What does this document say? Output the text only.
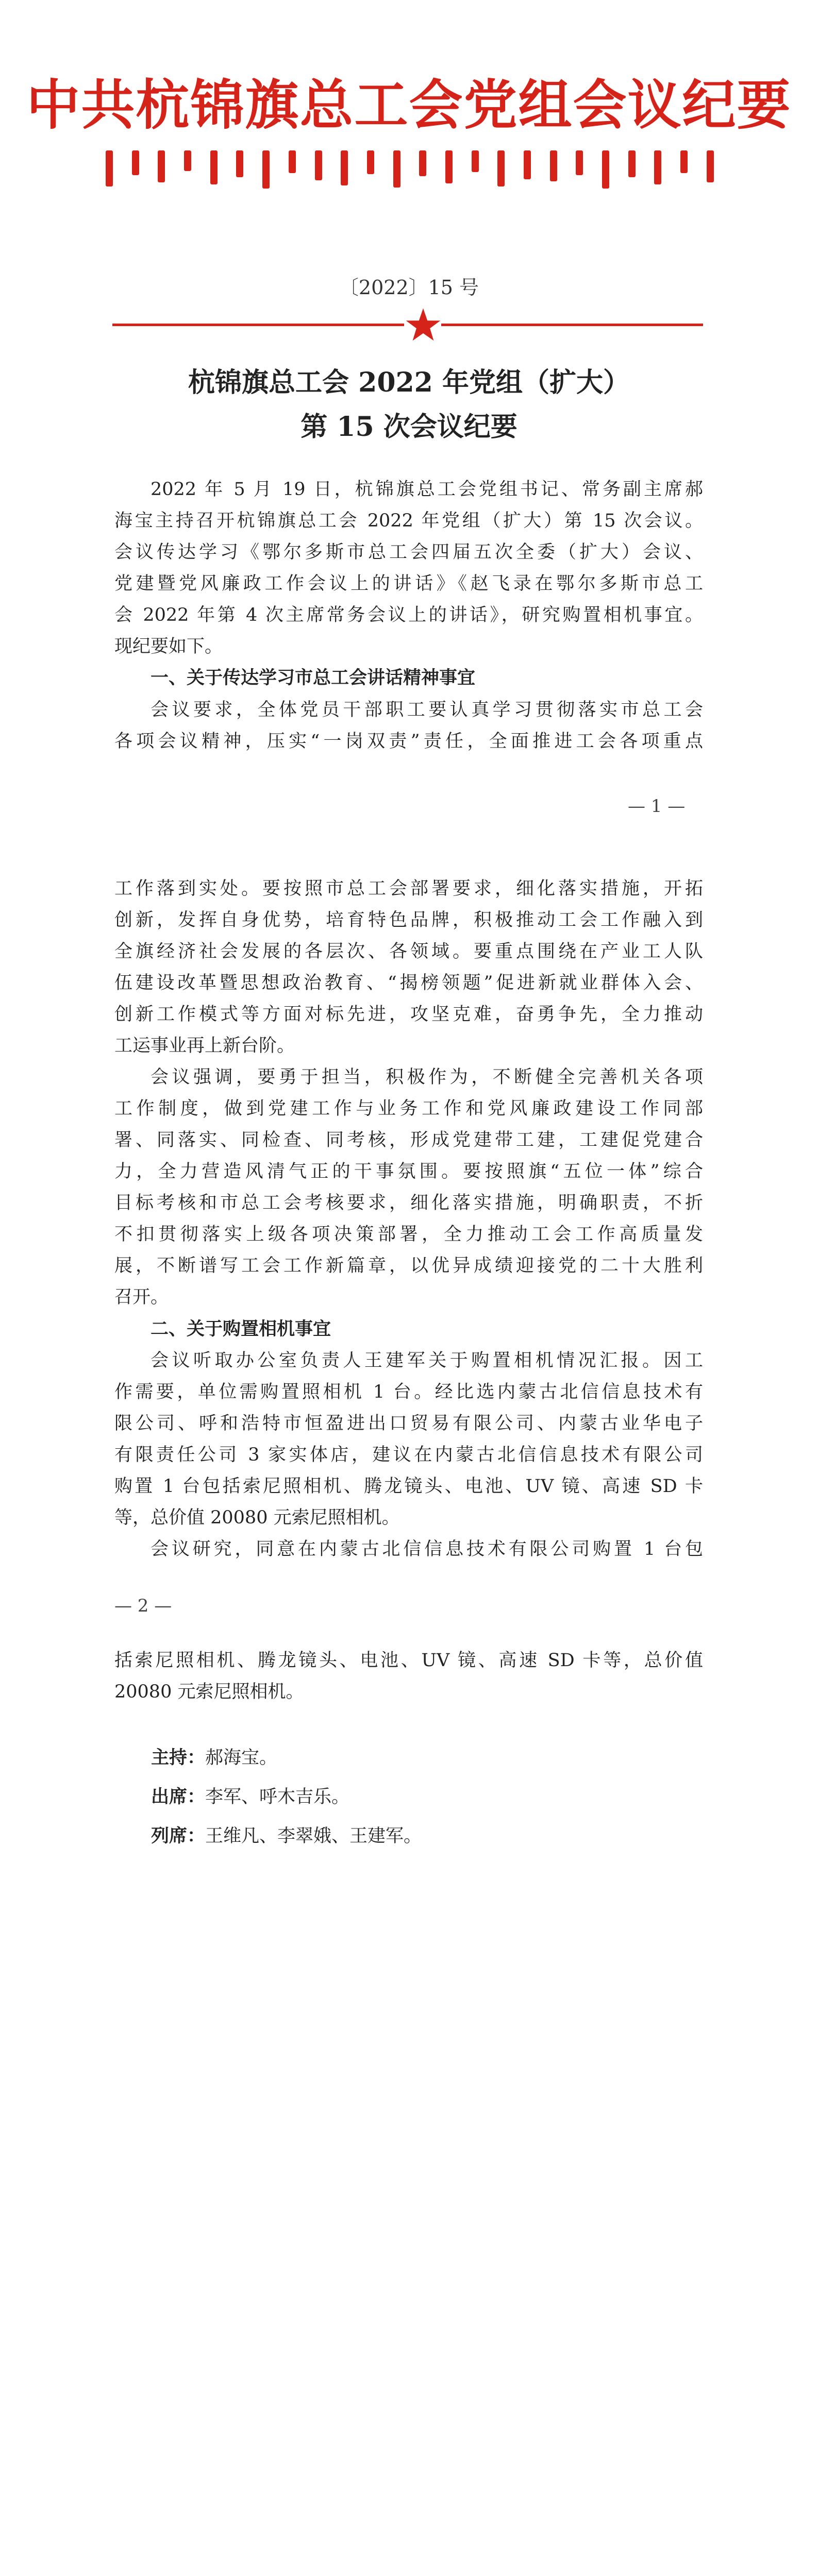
中共杭锦旗总工会党组会议纪要
〔2022〕15 号
杭锦旗总工会 2022 年党组（扩大）
第 15 次会议纪要
2022 年 5 月 19 日，杭锦旗总工会党组书记、常务副主席郝
海宝主持召开杭锦旗总工会 2022 年党组（扩大）第 15 次会议。
会议传达学习《鄂尔多斯市总工会四届五次全委（扩大）会议、
党建暨党风廉政工作会议上的讲话》《赵飞录在鄂尔多斯市总工
会 2022 年第 4 次主席常务会议上的讲话》，研究购置相机事宜。
现纪要如下。
一、关于传达学习市总工会讲话精神事宜
会议要求，全体党员干部职工要认真学习贯彻落实市总工会
各项会议精神，压实“一岗双责”责任，全面推进工会各项重点
— 1 —
工作落到实处。要按照市总工会部署要求，细化落实措施，开拓
创新，发挥自身优势，培育特色品牌，积极推动工会工作融入到
全旗经济社会发展的各层次、各领域。要重点围绕在产业工人队
伍建设改革暨思想政治教育、“揭榜领题”促进新就业群体入会、
创新工作模式等方面对标先进，攻坚克难，奋勇争先，全力推动
工运事业再上新台阶。
会议强调，要勇于担当，积极作为，不断健全完善机关各项
工作制度，做到党建工作与业务工作和党风廉政建设工作同部
署、同落实、同检查、同考核，形成党建带工建，工建促党建合
力，全力营造风清气正的干事氛围。要按照旗“五位一体”综合
目标考核和市总工会考核要求，细化落实措施，明确职责，不折
不扣贯彻落实上级各项决策部署，全力推动工会工作高质量发
展，不断谱写工会工作新篇章，以优异成绩迎接党的二十大胜利
召开。
二、关于购置相机事宜
会议听取办公室负责人王建军关于购置相机情况汇报。因工
作需要，单位需购置照相机 1 台。经比选内蒙古北信信息技术有
限公司、呼和浩特市恒盈进出口贸易有限公司、内蒙古业华电子
有限责任公司 3 家实体店，建议在内蒙古北信信息技术有限公司
购置 1 台包括索尼照相机、腾龙镜头、电池、UV 镜、高速 SD 卡
等，总价值 20080 元索尼照相机。
会议研究，同意在内蒙古北信信息技术有限公司购置 1 台包
— 2 —
括索尼照相机、腾龙镜头、电池、UV 镜、高速 SD 卡等，总价值
20080 元索尼照相机。
主持：郝海宝。
出席：李军、呼木吉乐。
列席：王维凡、李翠娥、王建军。
